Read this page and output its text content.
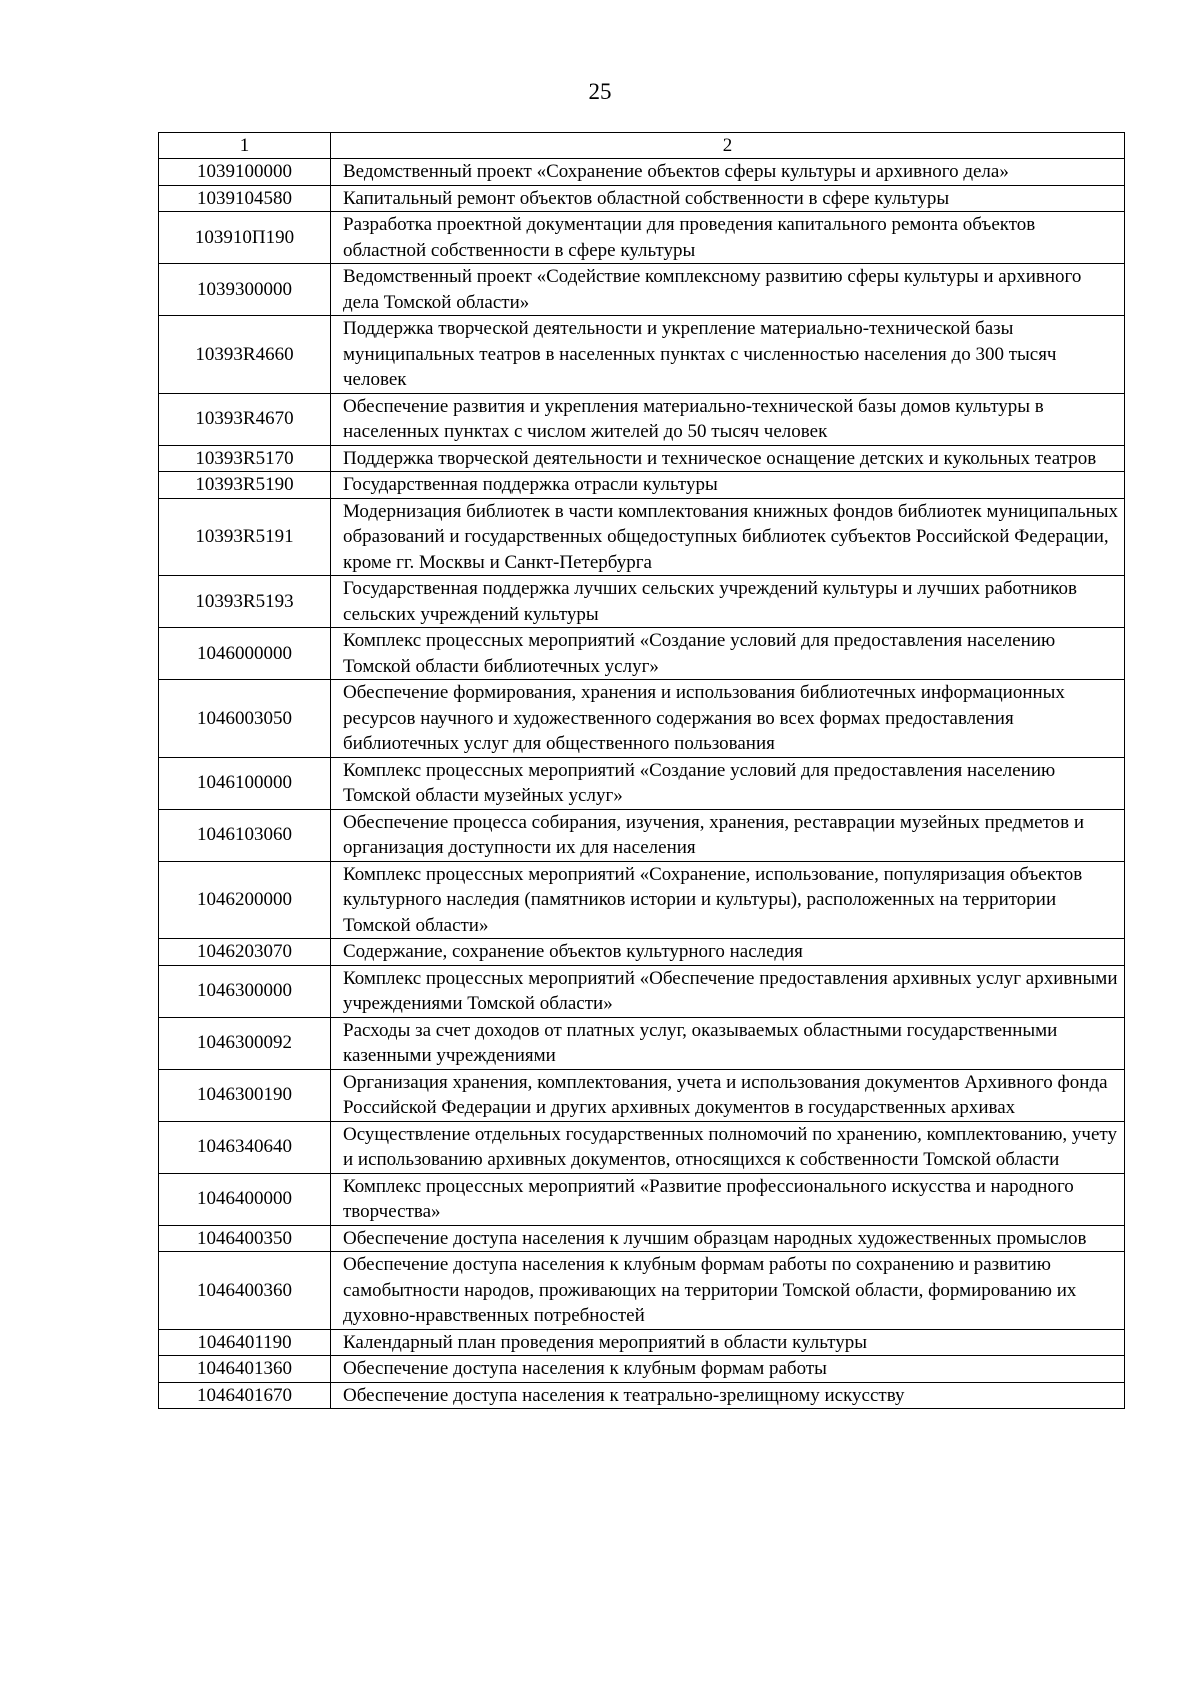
25
1	2
1039100000	Ведомственный проект «Сохранение объектов сферы культуры и архивного дела»
1039104580	Капитальный ремонт объектов областной собственности в сфере культуры
103910П190	Разработка проектной документации для проведения капитального ремонта объектов областной собственности в сфере культуры
1039300000	Ведомственный проект «Содействие комплексному развитию сферы культуры и архивного дела Томской области»
10393R4660	Поддержка творческой деятельности и укрепление материально-технической базы муниципальных театров в населенных пунктах с численностью населения до 300 тысяч человек
10393R4670	Обеспечение развития и укрепления материально-технической базы домов культуры в населенных пунктах с числом жителей до 50 тысяч человек
10393R5170	Поддержка творческой деятельности и техническое оснащение детских и кукольных театров
10393R5190	Государственная поддержка отрасли культуры
10393R5191	Модернизация библиотек в части комплектования книжных фондов библиотек муниципальных образований и государственных общедоступных библиотек субъектов Российской Федерации, кроме гг. Москвы и Санкт-Петербурга
10393R5193	Государственная поддержка лучших сельских учреждений культуры и лучших работников сельских учреждений культуры
1046000000	Комплекс процессных мероприятий «Создание условий для предоставления населению Томской области библиотечных услуг»
1046003050	Обеспечение формирования, хранения и использования библиотечных информационных ресурсов научного и художественного содержания во всех формах предоставления библиотечных услуг для общественного пользования
1046100000	Комплекс процессных мероприятий «Создание условий для предоставления населению Томской области музейных услуг»
1046103060	Обеспечение процесса собирания, изучения, хранения, реставрации музейных предметов и организация доступности их для населения
1046200000	Комплекс процессных мероприятий «Сохранение, использование, популяризация объектов культурного наследия (памятников истории и культуры), расположенных на территории Томской области»
1046203070	Содержание, сохранение объектов культурного наследия
1046300000	Комплекс процессных мероприятий «Обеспечение предоставления архивных услуг архивными учреждениями Томской области»
1046300092	Расходы за счет доходов от платных услуг, оказываемых областными государственными казенными учреждениями
1046300190	Организация хранения, комплектования, учета и использования документов Архивного фонда Российской Федерации и других архивных документов в государственных архивах
1046340640	Осуществление отдельных государственных полномочий по хранению, комплектованию, учету и использованию архивных документов, относящихся к собственности Томской области
1046400000	Комплекс процессных мероприятий «Развитие профессионального искусства и народного творчества»
1046400350	Обеспечение доступа населения к лучшим образцам народных художественных промыслов
1046400360	Обеспечение доступа населения к клубным формам работы по сохранению и развитию самобытности народов, проживающих на территории Томской области, формированию их духовно-нравственных потребностей
1046401190	Календарный план проведения мероприятий в области культуры
1046401360	Обеспечение доступа населения к клубным формам работы
1046401670	Обеспечение доступа населения к театрально-зрелищному искусству
